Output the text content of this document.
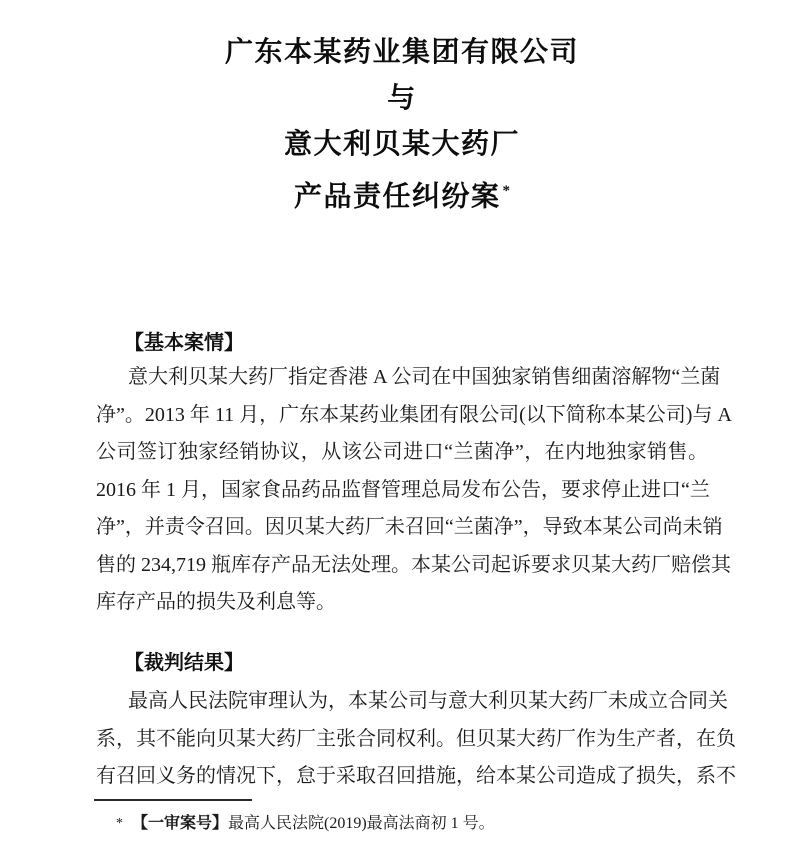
广东本某药业集团有限公司
与
意大利贝某大药厂
产品责任纠纷案 *
【基本案情】
意大利贝某大药厂指定香港 A 公司在中国独家销售细菌溶解物“兰菌
净”。2013 年 11 月，广东本某药业集团有限公司(以下简称本某公司)与 A
公司签订独家经销协议，从该公司进口“兰菌净”，在内地独家销售。
2016 年 1 月，国家食品药品监督管理总局发布公告，要求停止进口“兰
净”，并责令召回。因贝某大药厂未召回“兰菌净”，导致本某公司尚未销
售的 234,719 瓶库存产品无法处理。本某公司起诉要求贝某大药厂赔偿其
库存产品的损失及利息等。
【裁判结果】
最高人民法院审理认为，本某公司与意大利贝某大药厂未成立合同关
系，其不能向贝某大药厂主张合同权利。但贝某大药厂作为生产者，在负
有召回义务的情况下，怠于采取召回措施，给本某公司造成了损失，系不
* 【一审案号】最高人民法院(2019)最高法商初 1 号。
